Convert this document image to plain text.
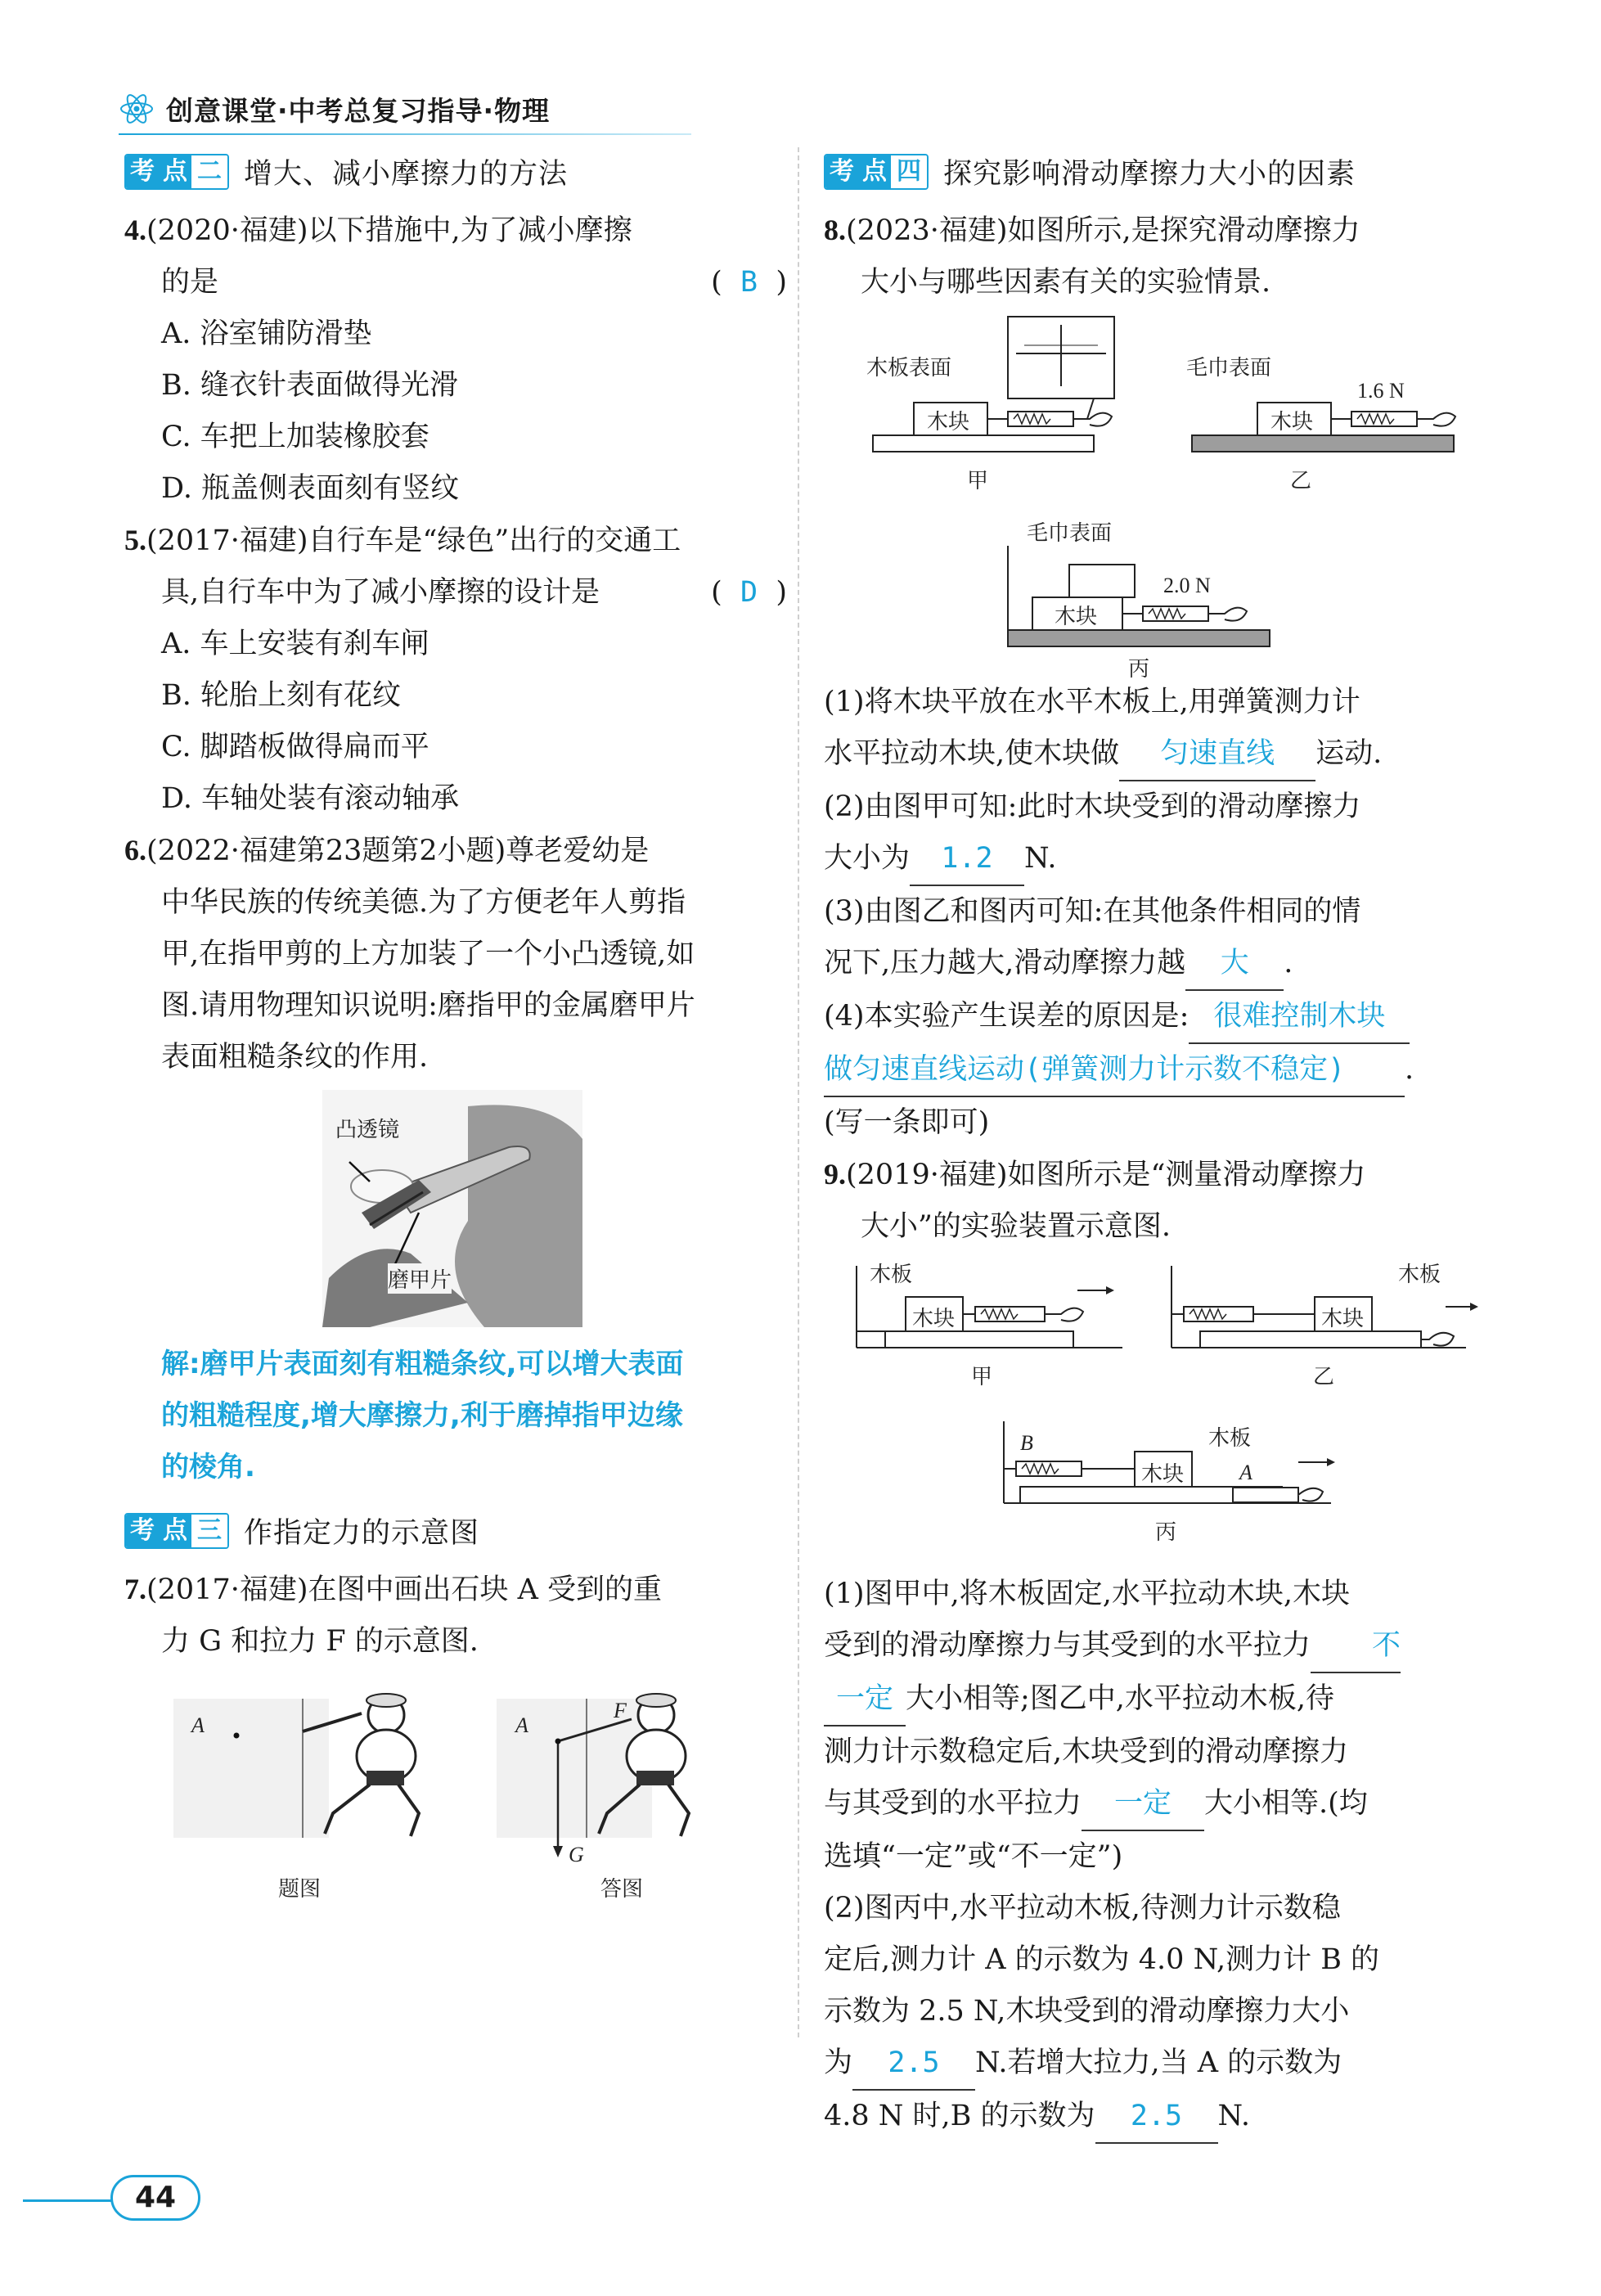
创意课堂·中考总复习指导·物理
考 点 二 增大、减小摩擦力的方法
4.(2020·福建)以下措施中,为了减小摩擦
的是	(  B  )
A. 浴室铺防滑垫
B. 缝衣针表面做得光滑
C. 车把上加装橡胶套
D. 瓶盖侧表面刻有竖纹
5.(2017·福建)自行车是“绿色”出行的交通工
具,自行车中为了减小摩擦的设计是	(  D  )
A. 车上安装有刹车闸
B. 轮胎上刻有花纹
C. 脚踏板做得扁而平
D. 车轴处装有滚动轴承
6.(2022·福建第23题第2小题)尊老爱幼是
中华民族的传统美德.为了方便老年人剪指
甲,在指甲剪的上方加装了一个小凸透镜,如
图.请用物理知识说明:磨指甲的金属磨甲片
表面粗糙条纹的作用.
凸透镜
磨甲片
解:磨甲片表面刻有粗糙条纹,可以增大表面
的粗糙程度,增大摩擦力,利于磨掉指甲边缘
的棱角.
考 点 三 作指定力的示意图
7.(2017·福建)在图中画出石块 A 受到的重
力 G 和拉力 F 的示意图.
A	A
F
G
题图	答图
考 点 四 探究影响滑动摩擦力大小的因素
8.(2023·福建)如图所示,是探究滑动摩擦力
大小与哪些因素有关的实验情景.
木板表面
木块
甲
毛巾表面
1.6 N
木块
乙
毛巾表面
2.0 N
木块
丙
(1)将木块平放在水平木板上,用弹簧测力计
水平拉动木块,使木块做 匀速直线 运动.
(2)由图甲可知:此时木块受到的滑动摩擦力
大小为 1.2 N.
(3)由图乙和图丙可知:在其他条件相同的情
况下,压力越大,滑动摩擦力越 大 .
(4)本实验产生误差的原因是: 很难控制木块
做匀速直线运动(弹簧测力计示数不稳定) .
(写一条即可)
9.(2019·福建)如图所示是“测量滑动摩擦力
大小”的实验装置示意图.
木板
木块
甲
木板
木块
乙
B
木块
木板
A
丙
(1)图甲中,将木板固定,水平拉动木块,木块
受到的滑动摩擦力与其受到的水平拉力 不
一定 大小相等;图乙中,水平拉动木板,待
测力计示数稳定后,木块受到的滑动摩擦力
与其受到的水平拉力 一定 大小相等.(均
选填“一定”或“不一定”)
(2)图丙中,水平拉动木板,待测力计示数稳
定后,测力计 A 的示数为 4.0 N,测力计 B 的
示数为 2.5 N,木块受到的滑动摩擦力大小
为 2.5 N.若增大拉力,当 A 的示数为
4.8 N 时,B 的示数为 2.5 N.
44
